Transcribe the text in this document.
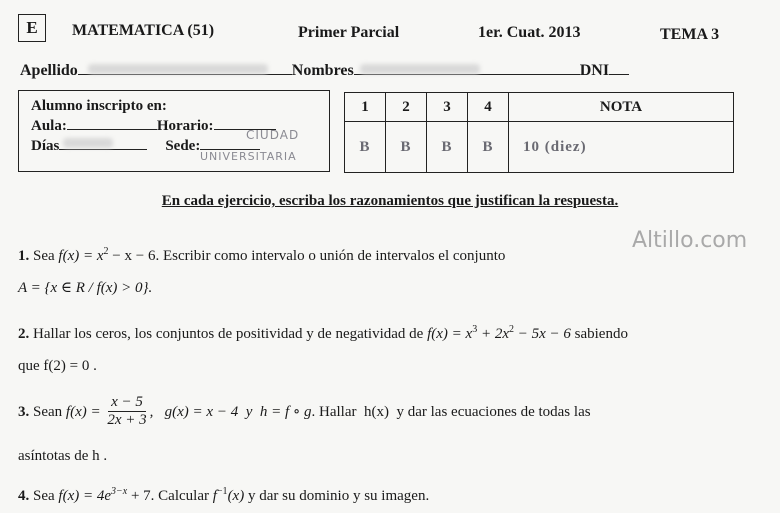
E	MATEMATICA (51)	Primer Parcial	1er. Cuat. 2013	TEMA 3
Apellido	Nombres	DNI
Alumno inscripto en:
Aula:	Horario:
Días	Sede:
CIUDAD
UNIVERSITARIA
1	2	3	4	NOTA
B	B	B	B	10 (diez)
En cada ejercicio, escriba los razonamientos que justifican la respuesta.
Altillo.com
1. Sea $f(x) = x^2 - x - 6$. Escribir como intervalo o unión de intervalos el conjunto
A = {x ∈ R / f(x) > 0}.
2. Hallar los ceros, los conjuntos de positividad y de negatividad de $f(x) = x^3 + 2x^2 - 5x - 6$ sabiendo
que f(2) = 0 .
3.
Sean
f(x) =
$\frac{x - 5}{2x + 3}$ ,   g(x) = x − 4  y  h = f ∘ g . Hallar  h(x)  y dar las ecuaciones de todas las
asíntotas de h .
4. Sea $f(x) = 4e^{3-x} + 7$. Calcular $f^{-1}(x)$ y dar su dominio y su imagen.
